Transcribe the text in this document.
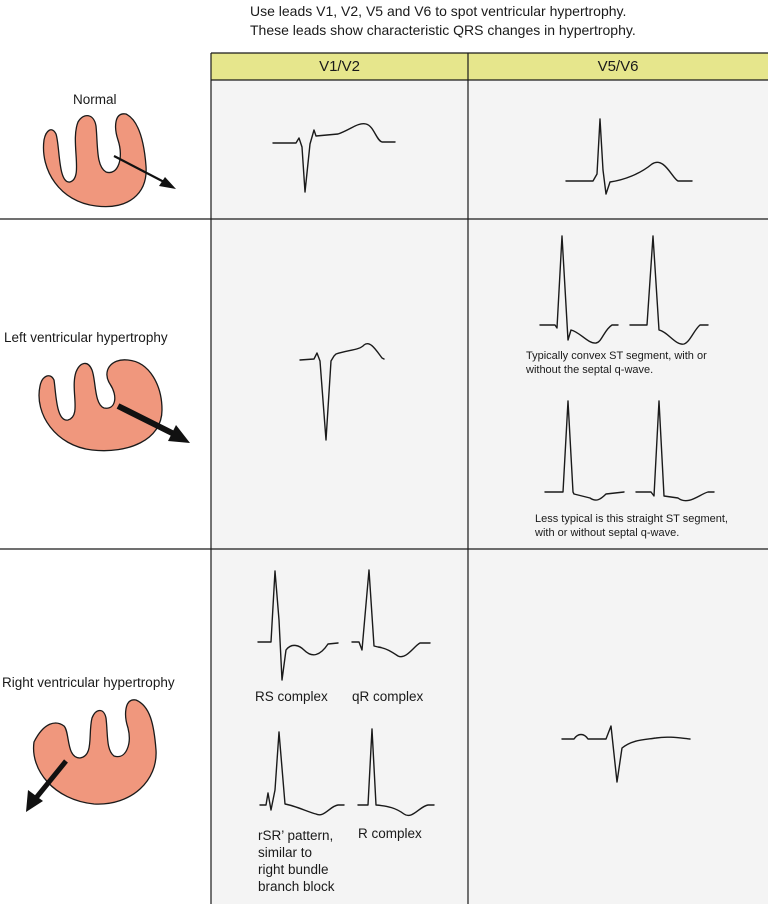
Use leads V1, V2, V5 and V6 to spot ventricular hypertrophy.
These leads show characteristic QRS changes in hypertrophy.
V1/V2	V5/V6
Normal
Left ventricular hypertrophy
Right ventricular hypertrophy
Typically convex ST segment, with or
without the septal q-wave.
Less typical is this straight ST segment,
with or without septal q-wave.
RS complex qR complex
rSR’ pattern,
similar to
right bundle
branch block
R complex
